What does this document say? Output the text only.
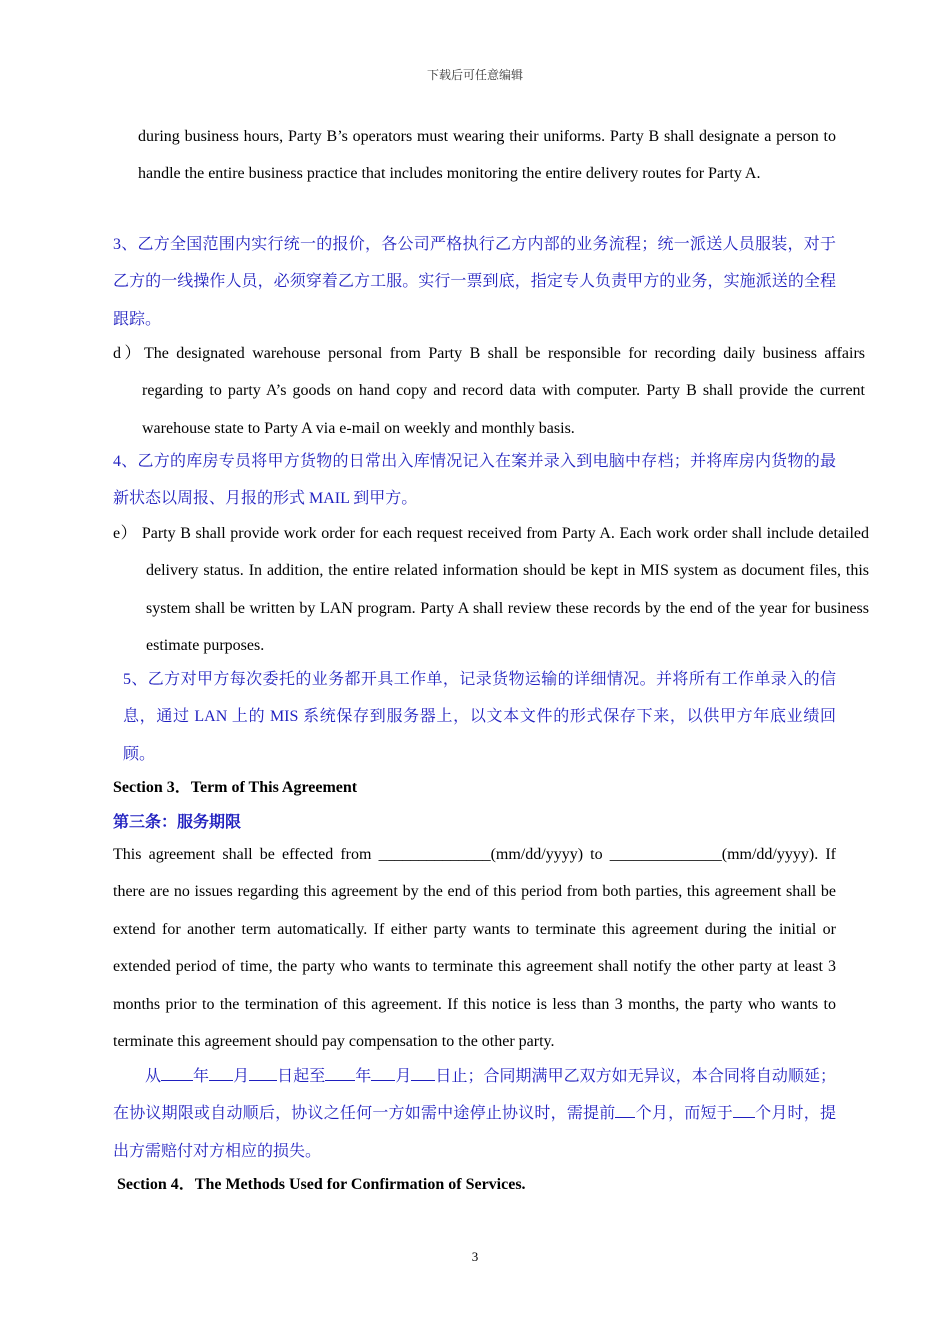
下载后可任意编辑

during business hours, Party B’s operators must wearing their uniforms. Party B shall designate a person to handle the entire business practice that includes monitoring the entire delivery routes for Party A.

3、乙方全国范围内实行统一的报价，各公司严格执行乙方内部的业务流程；统一派送人员服装，对于乙方的一线操作人员，必须穿着乙方工服。实行一票到底，指定专人负责甲方的业务，实施派送的全程跟踪。

d）The designated warehouse personal from Party B shall be responsible for recording daily business affairs regarding to party A’s goods on hand copy and record data with computer. Party B shall provide the current warehouse state to Party A via e-mail on weekly and monthly basis.

4、乙方的库房专员将甲方货物的日常出入库情况记入在案并录入到电脑中存档；并将库房内货物的最新状态以周报、月报的形式 MAIL 到甲方。

e） Party B shall provide work order for each request received from Party A. Each work order shall include detailed delivery status. In addition, the entire related information should be kept in MIS system as document files, this system shall be written by LAN program. Party A shall review these records by the end of the year for business estimate purposes.

5、乙方对甲方每次委托的业务都开具工作单，记录货物运输的详细情况。并将所有工作单录入的信息，通过 LAN 上的 MIS 系统保存到服务器上，以文本文件的形式保存下来，以供甲方年底业绩回顾。

Section 3．Term of This Agreement

第三条：服务期限

This agreement shall be effected from ______________(mm/dd/yyyy) to ______________(mm/dd/yyyy). If there are no issues regarding this agreement by the end of this period from both parties, this agreement shall be extend for another term automatically. If either party wants to terminate this agreement during the initial or extended period of time, the party who wants to terminate this agreement shall notify the other party at least 3 months prior to the termination of this agreement. If this notice is less than 3 months, the party who wants to terminate this agreement should pay compensation to the other party.

从 年 月 日起至 年 月 日止；合同期满甲乙双方如无异议，本合同将自动顺延；在协议期限或自动顺后，协议之任何一方如需中途停止协议时，需提前 个月，而短于 个月时，提出方需赔付对方相应的损失。

Section 4．The Methods Used for Confirmation of Services.

3
